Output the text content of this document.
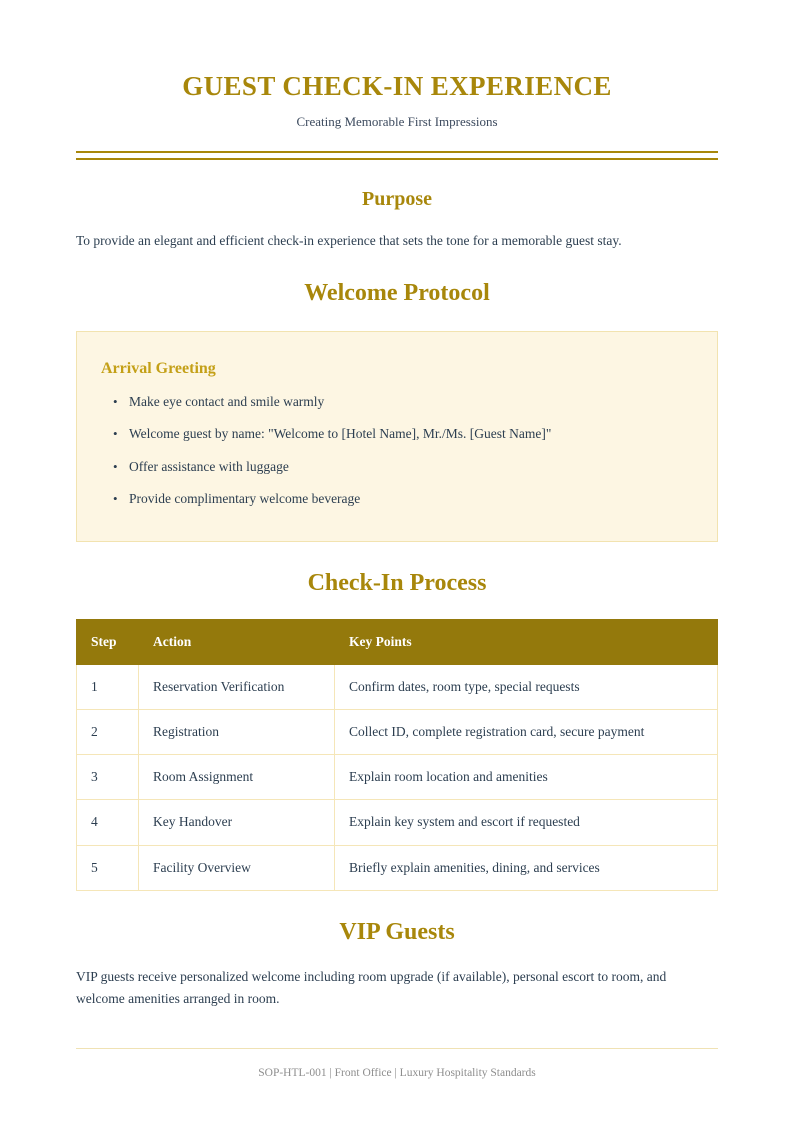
GUEST CHECK-IN EXPERIENCE

Creating Memorable First Impressions

Purpose

To provide an elegant and efficient check-in experience that sets the tone for a memorable guest stay.

Welcome Protocol
Arrival Greeting
• Make eye contact and smile warmly
• Welcome guest by name: "Welcome to [Hotel Name], Mr./Ms. [Guest Name]"
• Offer assistance with luggage
• Provide complimentary welcome beverage
Check-In Process
Step	Action	Key Points
1	Reservation Verification	Confirm dates, room type, special requests
2	Registration	Collect ID, complete registration card, secure payment
3	Room Assignment	Explain room location and amenities
4	Key Handover	Explain key system and escort if requested
5	Facility Overview	Briefly explain amenities, dining, and services
VIP Guests

VIP guests receive personalized welcome including room upgrade (if available), personal escort to room, and welcome amenities arranged in room.

SOP-HTL-001 | Front Office | Luxury Hospitality Standards
